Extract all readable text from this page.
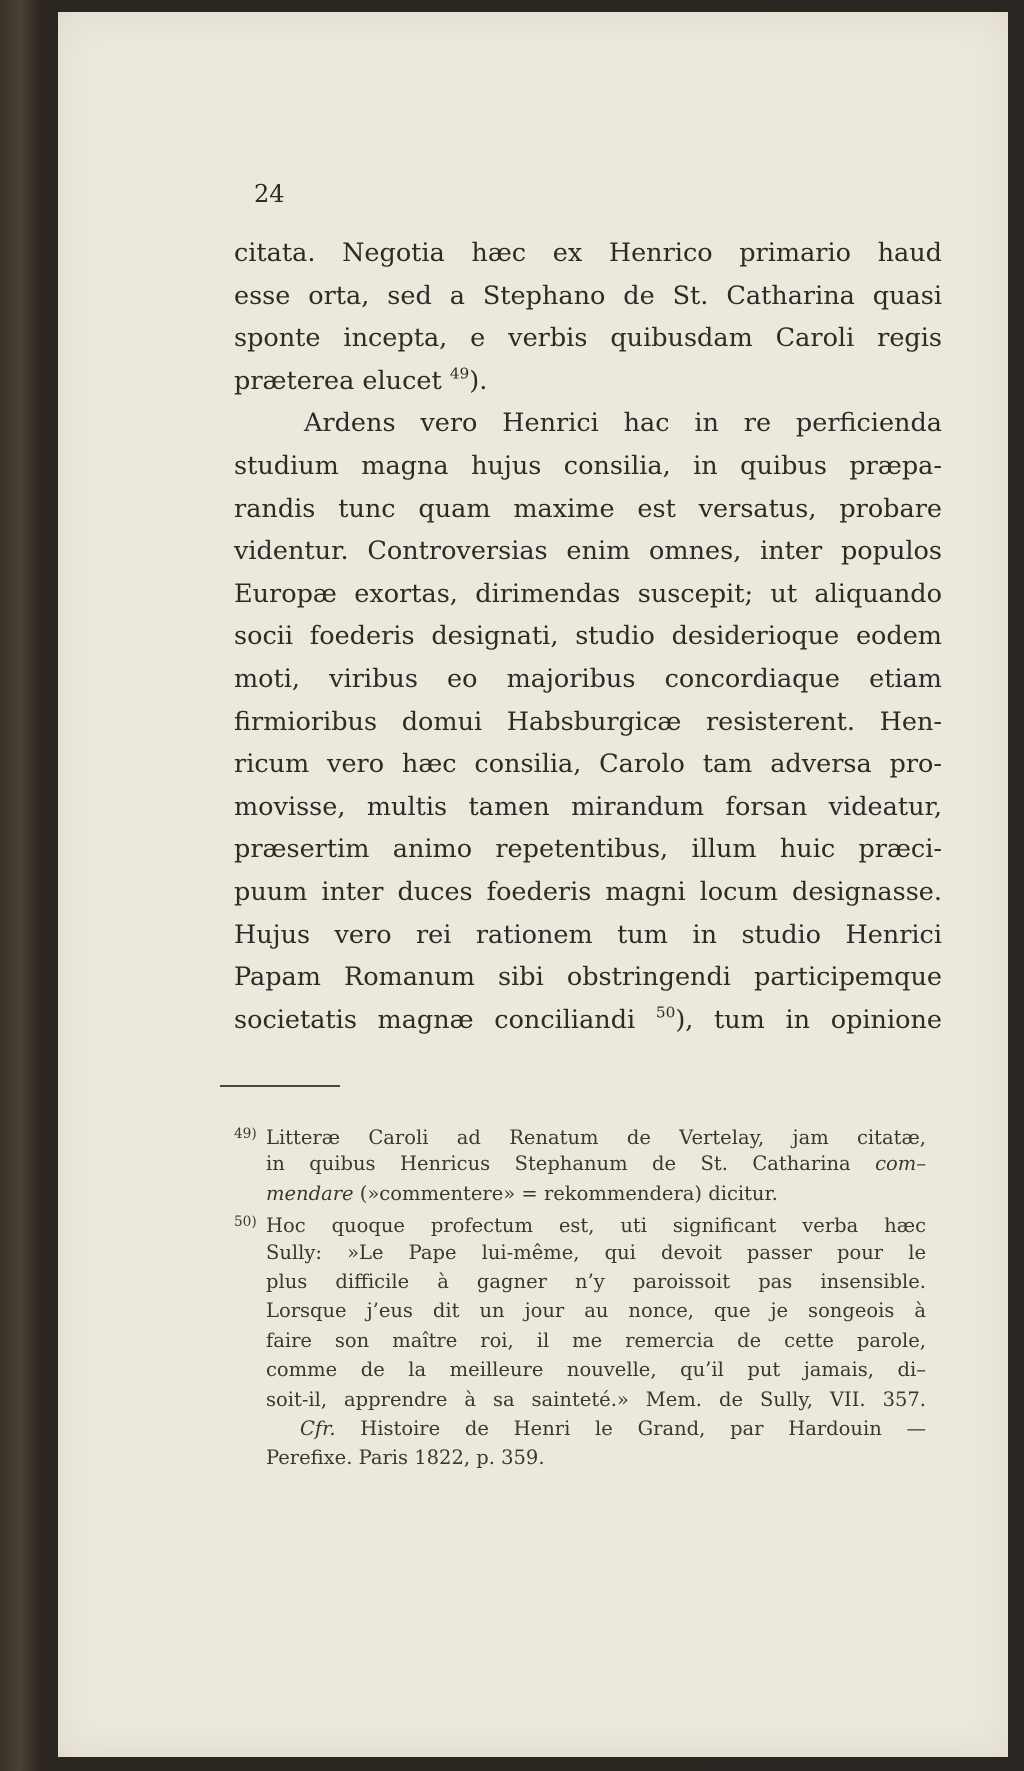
24
citata. Negotia hæc ex Henrico primario haud
esse orta, sed a Stephano de St. Catharina quasi
sponte incepta, e verbis quibusdam Caroli regis
præterea elucet $^{49}$).
Ardens vero Henrici hac in re perficienda
studium magna hujus consilia, in quibus præpa-
randis tunc quam maxime est versatus, probare
videntur. Controversias enim omnes, inter populos
Europæ exortas, dirimendas suscepit; ut aliquando
socii foederis designati, studio desiderioque eodem
moti, viribus eo majoribus concordiaque etiam
firmioribus domui Habsburgicæ resisterent. Hen-
ricum vero hæc consilia, Carolo tam adversa pro-
movisse, multis tamen mirandum forsan videatur,
præsertim animo repetentibus, illum huic præci-
puum inter duces foederis magni locum designasse.
Hujus vero rei rationem tum in studio Henrici
Papam Romanum sibi obstringendi participemque
societatis magnæ conciliandi $^{50}$), tum in opinione
49) Litteræ Caroli ad Renatum de Vertelay, jam citatæ,
in quibus Henricus Stephanum de St. Catharina com–
mendare (»commentere» = rekommendera) dicitur.
50) Hoc quoque profectum est, uti significant verba hæc
Sully: »Le Pape lui-même, qui devoit passer pour le
plus difficile à gagner n’y paroissoit pas insensible.
Lorsque j’eus dit un jour au nonce, que je songeois à
faire son maître roi, il me remercia de cette parole,
comme de la meilleure nouvelle, qu’il put jamais, di–
soit-il, apprendre à sa sainteté.» Mem. de Sully, VII. 357.
Cfr. Histoire de Henri le Grand, par Hardouin —
Perefixe. Paris 1822, p. 359.
